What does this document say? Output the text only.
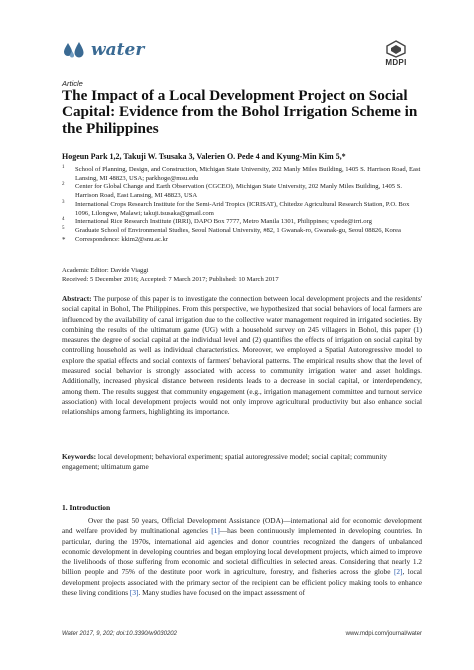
water
MDPI
Article
The Impact of a Local Development Project on Social Capital: Evidence from the Bohol Irrigation Scheme in the Philippines
Hogeun Park 1,2, Takuji W. Tsusaka 3, Valerien O. Pede 4 and Kyung-Min Kim 5,*
1 School of Planning, Design, and Construction, Michigan State University, 202 Manly Miles Building, 1405 S. Harrison Road, East Lansing, MI 48823, USA; parkhoge@msu.edu
2 Center for Global Change and Earth Observation (CGCEO), Michigan State University, 202 Manly Miles Building, 1405 S. Harrison Road, East Lansing, MI 48823, USA
3 International Crops Research Institute for the Semi-Arid Tropics (ICRISAT), Chitedze Agricultural Research Station, P.O. Box 1096, Lilongwe, Malawi; takuji.tsusaka@gmail.com
4 International Rice Research Institute (IRRI), DAPO Box 7777, Metro Manila 1301, Philippines; v.pede@irri.org
5 Graduate School of Environmental Studies, Seoul National University, #82, 1 Gwanak-ro, Gwanak-gu, Seoul 08826, Korea
* Correspondence: kkim2@snu.ac.kr
Academic Editor: Davide Viaggi
Received: 5 December 2016; Accepted: 7 March 2017; Published: 10 March 2017
Abstract: The purpose of this paper is to investigate the connection between local development projects and the residents' social capital in Bohol, The Philippines. From this perspective, we hypothesized that social behaviors of local farmers are influenced by the availability of canal irrigation due to the collective water management required in irrigated societies. By combining the results of the ultimatum game (UG) with a household survey on 245 villagers in Bohol, this paper (1) measures the degree of social capital at the individual level and (2) quantifies the effects of irrigation on social capital by controlling household as well as individual characteristics. Moreover, we employed a Spatial Autoregressive model to explore the spatial effects and social contexts of farmers' behavioral patterns. The empirical results show that the level of measured social behavior is strongly associated with access to community irrigation water and asset holdings. Additionally, increased physical distance between residents leads to a decrease in social capital, or interdependency, among them. The results suggest that community engagement (e.g., irrigation management committee and turnout service association) with local development projects would not only improve agricultural productivity but also enhance social relationships among farmers, highlighting its importance.
Keywords: local development; behavioral experiment; spatial autoregressive model; social capital; community engagement; ultimatum game
1. Introduction
Over the past 50 years, Official Development Assistance (ODA)—international aid for economic development and welfare provided by multinational agencies [1]—has been continuously implemented in developing countries. In particular, during the 1970s, international aid agencies and donor countries recognized the dangers of unbalanced economic development in developing countries and began employing local development projects, which aimed to improve the livelihoods of those suffering from economic and societal difficulties in selected areas. Considering that nearly 1.2 billion people and 75% of the destitute poor work in agriculture, forestry, and fisheries across the globe [2], local development projects associated with the primary sector of the recipient can be efficient policy making tools to enhance these living conditions [3]. Many studies have focused on the impact assessment of
Water 2017, 9, 202; doi:10.3390/w9030202	www.mdpi.com/journal/water
